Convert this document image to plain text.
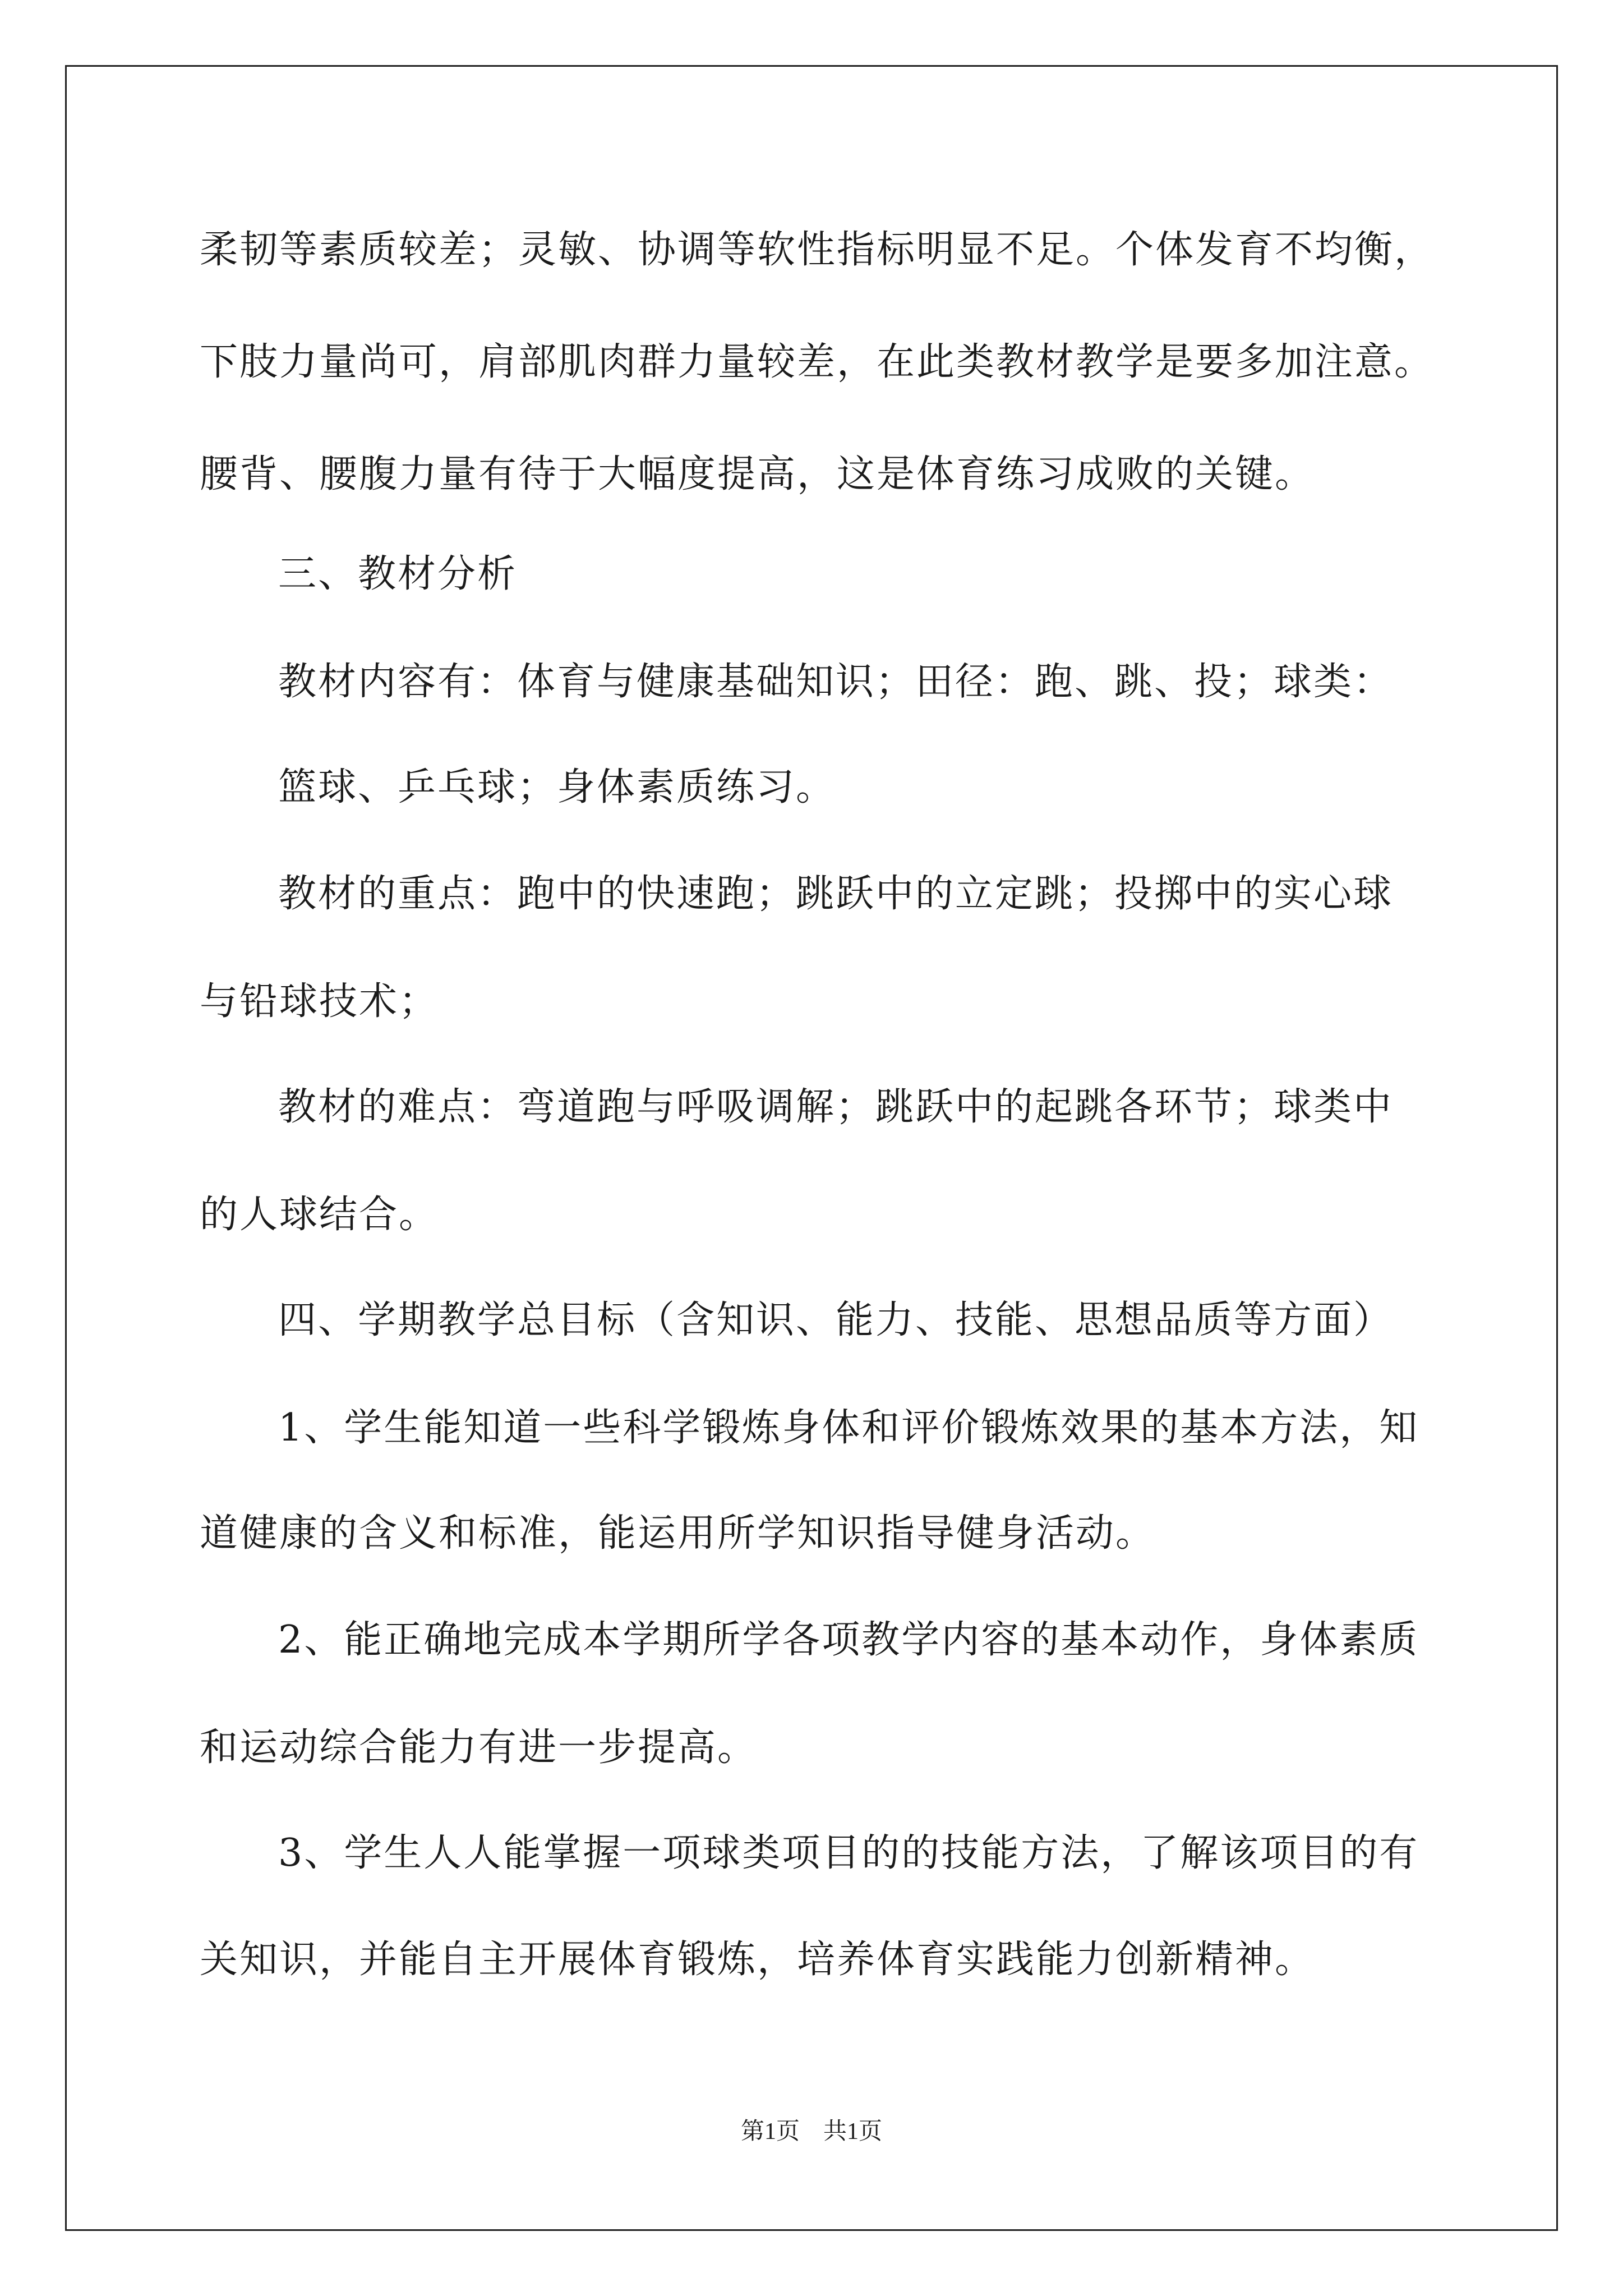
柔韧等素质较差；灵敏、协调等软性指标明显不足。个体发育不均衡，
下肢力量尚可，肩部肌肉群力量较差，在此类教材教学是要多加注意。
腰背、腰腹力量有待于大幅度提高，这是体育练习成败的关键。
三、教材分析
教材内容有：体育与健康基础知识；田径：跑、跳、投；球类：
篮球、乒乓球；身体素质练习。
教材的重点：跑中的快速跑；跳跃中的立定跳；投掷中的实心球
与铅球技术；
教材的难点：弯道跑与呼吸调解；跳跃中的起跳各环节；球类中
的人球结合。
四、学期教学总目标（含知识、能力、技能、思想品质等方面）
1、学生能知道一些科学锻炼身体和评价锻炼效果的基本方法，知
道健康的含义和标准，能运用所学知识指导健身活动。
2、能正确地完成本学期所学各项教学内容的基本动作，身体素质
和运动综合能力有进一步提高。
3、学生人人能掌握一项球类项目的的技能方法，了解该项目的有
关知识，并能自主开展体育锻炼，培养体育实践能力创新精神。
第1页　共1页
